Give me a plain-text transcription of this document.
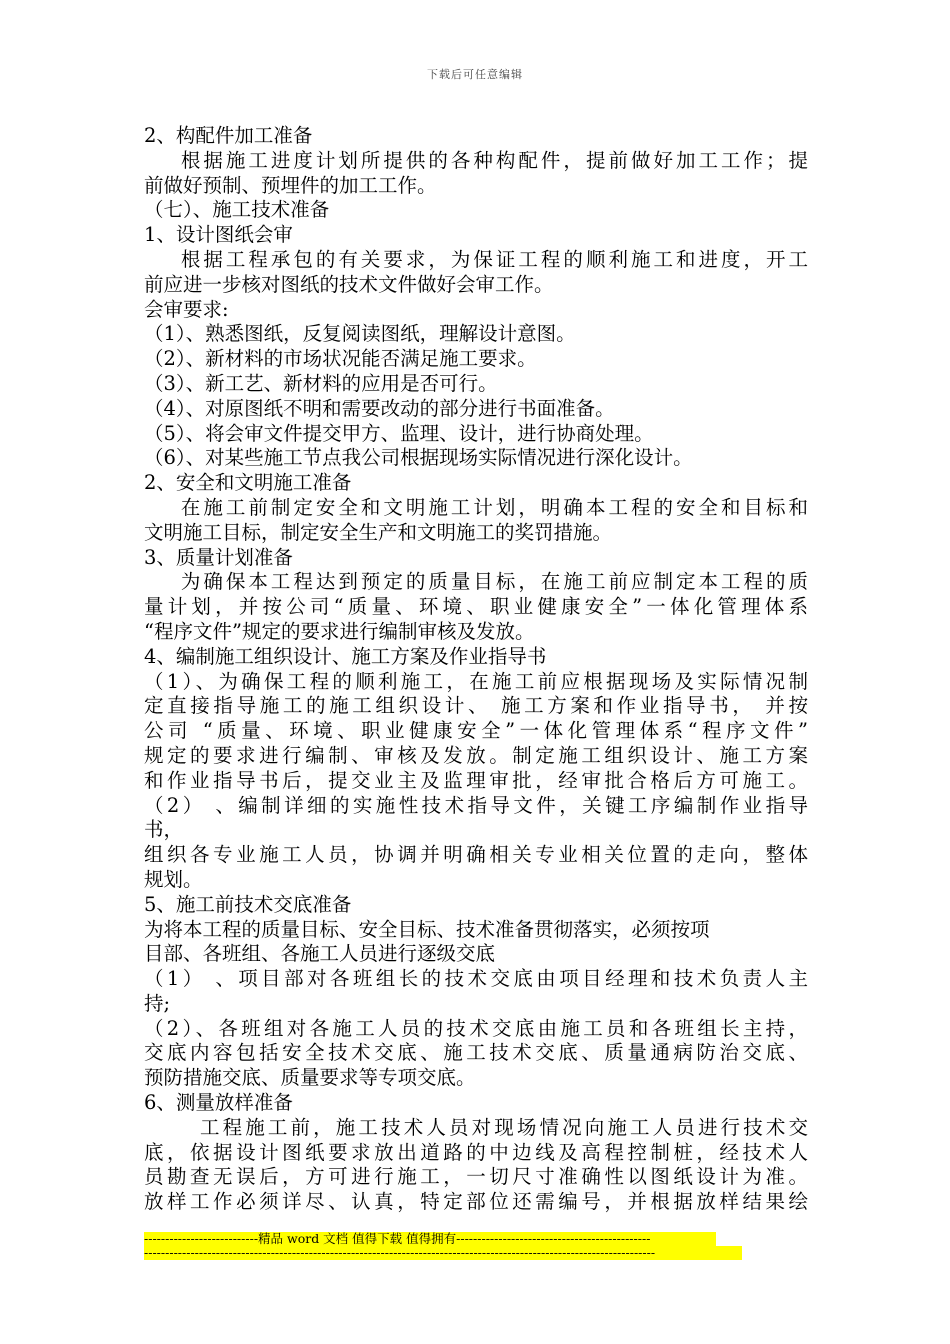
下载后可任意编辑
2、构配件加工准备
根据施工进度计划所提供的各种构配件，提前做好加工工作；提
前做好预制、预埋件的加工工作。
（七）、施工技术准备
1、设计图纸会审
根据工程承包的有关要求，为保证工程的顺利施工和进度，开工
前应进一步核对图纸的技术文件做好会审工作。
会审要求:
（1）、熟悉图纸，反复阅读图纸，理解设计意图。
（2）、新材料的市场状况能否满足施工要求。
（3）、新工艺、新材料的应用是否可行。
（4）、对原图纸不明和需要改动的部分进行书面准备。
（5）、将会审文件提交甲方、监理、设计，进行协商处理。
（6）、对某些施工节点我公司根据现场实际情况进行深化设计。
2、安全和文明施工准备
在施工前制定安全和文明施工计划，明确本工程的安全和目标和
文明施工目标，制定安全生产和文明施工的奖罚措施。
3、质量计划准备
为确保本工程达到预定的质量目标，在施工前应制定本工程的质
量计划，并按公司“质量、环境、职业健康安全”一体化管理体系
“程序文件”规定的要求进行编制审核及发放。
4、编制施工组织设计、施工方案及作业指导书
（1）、为确保工程的顺利施工，在施工前应根据现场及实际情况制
定直接指导施工的施工组织设计、 施工方案和作业指导书， 并按
公司 “质量、环境、职业健康安全”一体化管理体系“程序文件”
规定的要求进行编制、审核及发放。制定施工组织设计、施工方案
和作业指导书后，提交业主及监理审批，经审批合格后方可施工。
（2） 、编制详细的实施性技术指导文件，关键工序编制作业指导
书，
组织各专业施工人员，协调并明确相关专业相关位置的走向，整体
规划。
5、施工前技术交底准备
为将本工程的质量目标、安全目标、技术准备贯彻落实，必须按项
目部、各班组、各施工人员进行逐级交底
（1） 、项目部对各班组长的技术交底由项目经理和技术负责人主
持;
（2）、各班组对各施工人员的技术交底由施工员和各班组长主持，
交底内容包括安全技术交底、施工技术交底、质量通病防治交底、
预防措施交底、质量要求等专项交底。
6、测量放样准备
工程施工前，施工技术人员对现场情况向施工人员进行技术交
底，依据设计图纸要求放出道路的中边线及高程控制桩，经技术人
员勘查无误后，方可进行施工，一切尺寸准确性以图纸设计为准。
放样工作必须详尽、认真，特定部位还需编号，并根据放样结果绘
---------------------------精品 word 文档 值得下载 值得拥有----------------------------------------------
-------------------------------------------------------------------------------------------------------------------------
